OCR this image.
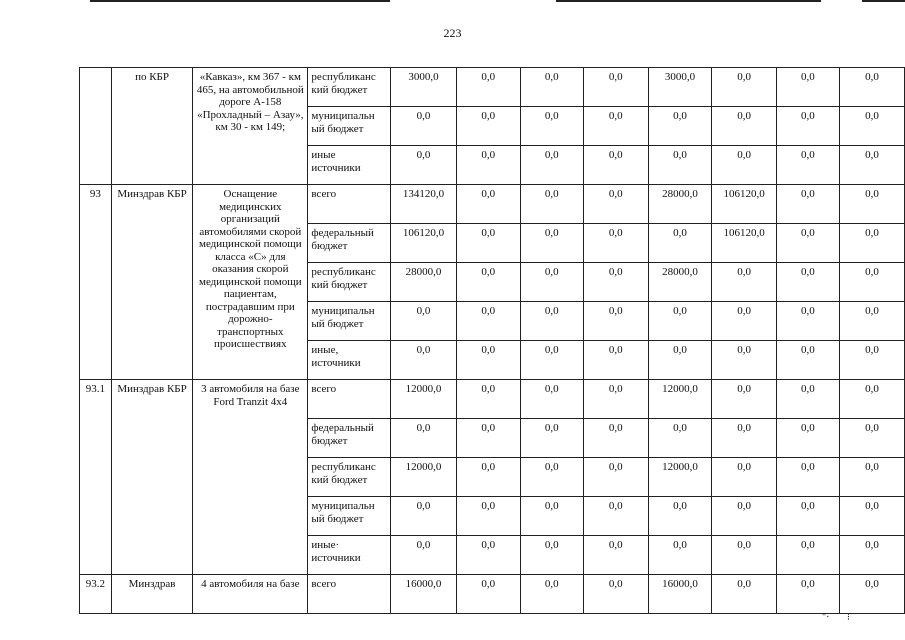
223
	по КБР	«Кавказ», км 367 - км 465, на автомобильной дороге А-158 «Прохладный – Азау», км 30 - км 149;	республиканс кий бюджет	3000,0	0,0	0,0	0,0	3000,0	0,0	0,0	0,0
			муниципальн ый бюджет	0,0	0,0	0,0	0,0	0,0	0,0	0,0	0,0
			иные источники	0,0	0,0	0,0	0,0	0,0	0,0	0,0	0,0
93	Минздрав КБР	Оснащение медицинских организаций автомобилями скорой медицинской помощи класса «С» для оказания скорой медицинской помощи пациентам, пострадавшим при дорожно-транспортных происшествиях	всего	134120,0	0,0	0,0	0,0	28000,0	106120,0	0,0	0,0
			федеральный бюджет	106120,0	0,0	0,0	0,0	0,0	106120,0	0,0	0,0
			республиканс кий бюджет	28000,0	0,0	0,0	0,0	28000,0	0,0	0,0	0,0
			муниципальн ый бюджет	0,0	0,0	0,0	0,0	0,0	0,0	0,0	0,0
			иные, источники	0,0	0,0	0,0	0,0	0,0	0,0	0,0	0,0
93.1	Минздрав КБР	3 автомобиля на базе Ford Tranzit 4x4	всего	12000,0	0,0	0,0	0,0	12000,0	0,0	0,0	0,0
			федеральный бюджет	0,0	0,0	0,0	0,0	0,0	0,0	0,0	0,0
			республиканс кий бюджет	12000,0	0,0	0,0	0,0	12000,0	0,0	0,0	0,0
			муниципальн ый бюджет	0,0	0,0	0,0	0,0	0,0	0,0	0,0	0,0
			иные· источники	0,0	0,0	0,0	0,0	0,0	0,0	0,0	0,0
93.2	Минздрав	4 автомобиля на базе	всего	16000,0	0,0	0,0	0,0	16000,0	0,0	0,0	0,0
"·       ⁝
